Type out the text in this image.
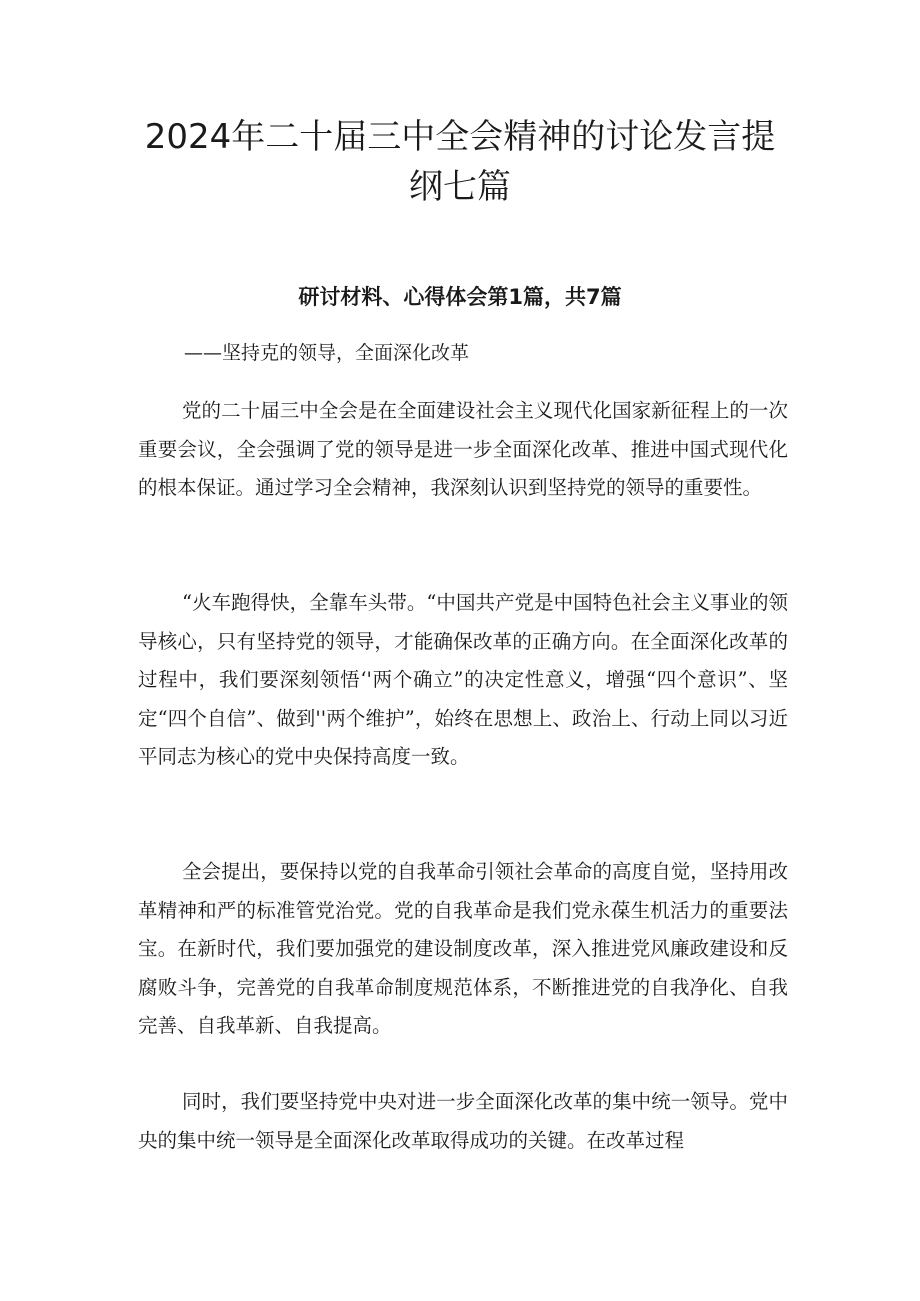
2024年二十届三中全会精神的讨论发言提纲七篇
研讨材料、心得体会第1篇，共7篇

——坚持克的领导，全面深化改革

党的二十届三中全会是在全面建设社会主义现代化国家新征程上的一次重要会议，全会强调了党的领导是进一步全面深化改革、推进中国式现代化的根本保证。通过学习全会精神，我深刻认识到坚持党的领导的重要性。

“火车跑得快，全靠车头带。“中国共产党是中国特色社会主义事业的领导核心，只有坚持党的领导，才能确保改革的正确方向。在全面深化改革的过程中，我们要深刻领悟‘'两个确立”的决定性意义，增强“四个意识”、坚定“四个自信”、做到''两个维护”，始终在思想上、政治上、行动上同以习近平同志为核心的党中央保持高度一致。

全会提出，要保持以党的自我革命引领社会革命的高度自觉，坚持用改革精神和严的标准管党治党。党的自我革命是我们党永葆生机活力的重要法宝。在新时代，我们要加强党的建设制度改革，深入推进党风廉政建设和反腐败斗争，完善党的自我革命制度规范体系，不断推进党的自我净化、自我完善、自我革新、自我提高。

同时，我们要坚持党中央对进一步全面深化改革的集中统一领导。党中央的集中统一领导是全面深化改革取得成功的关键。在改革过程
